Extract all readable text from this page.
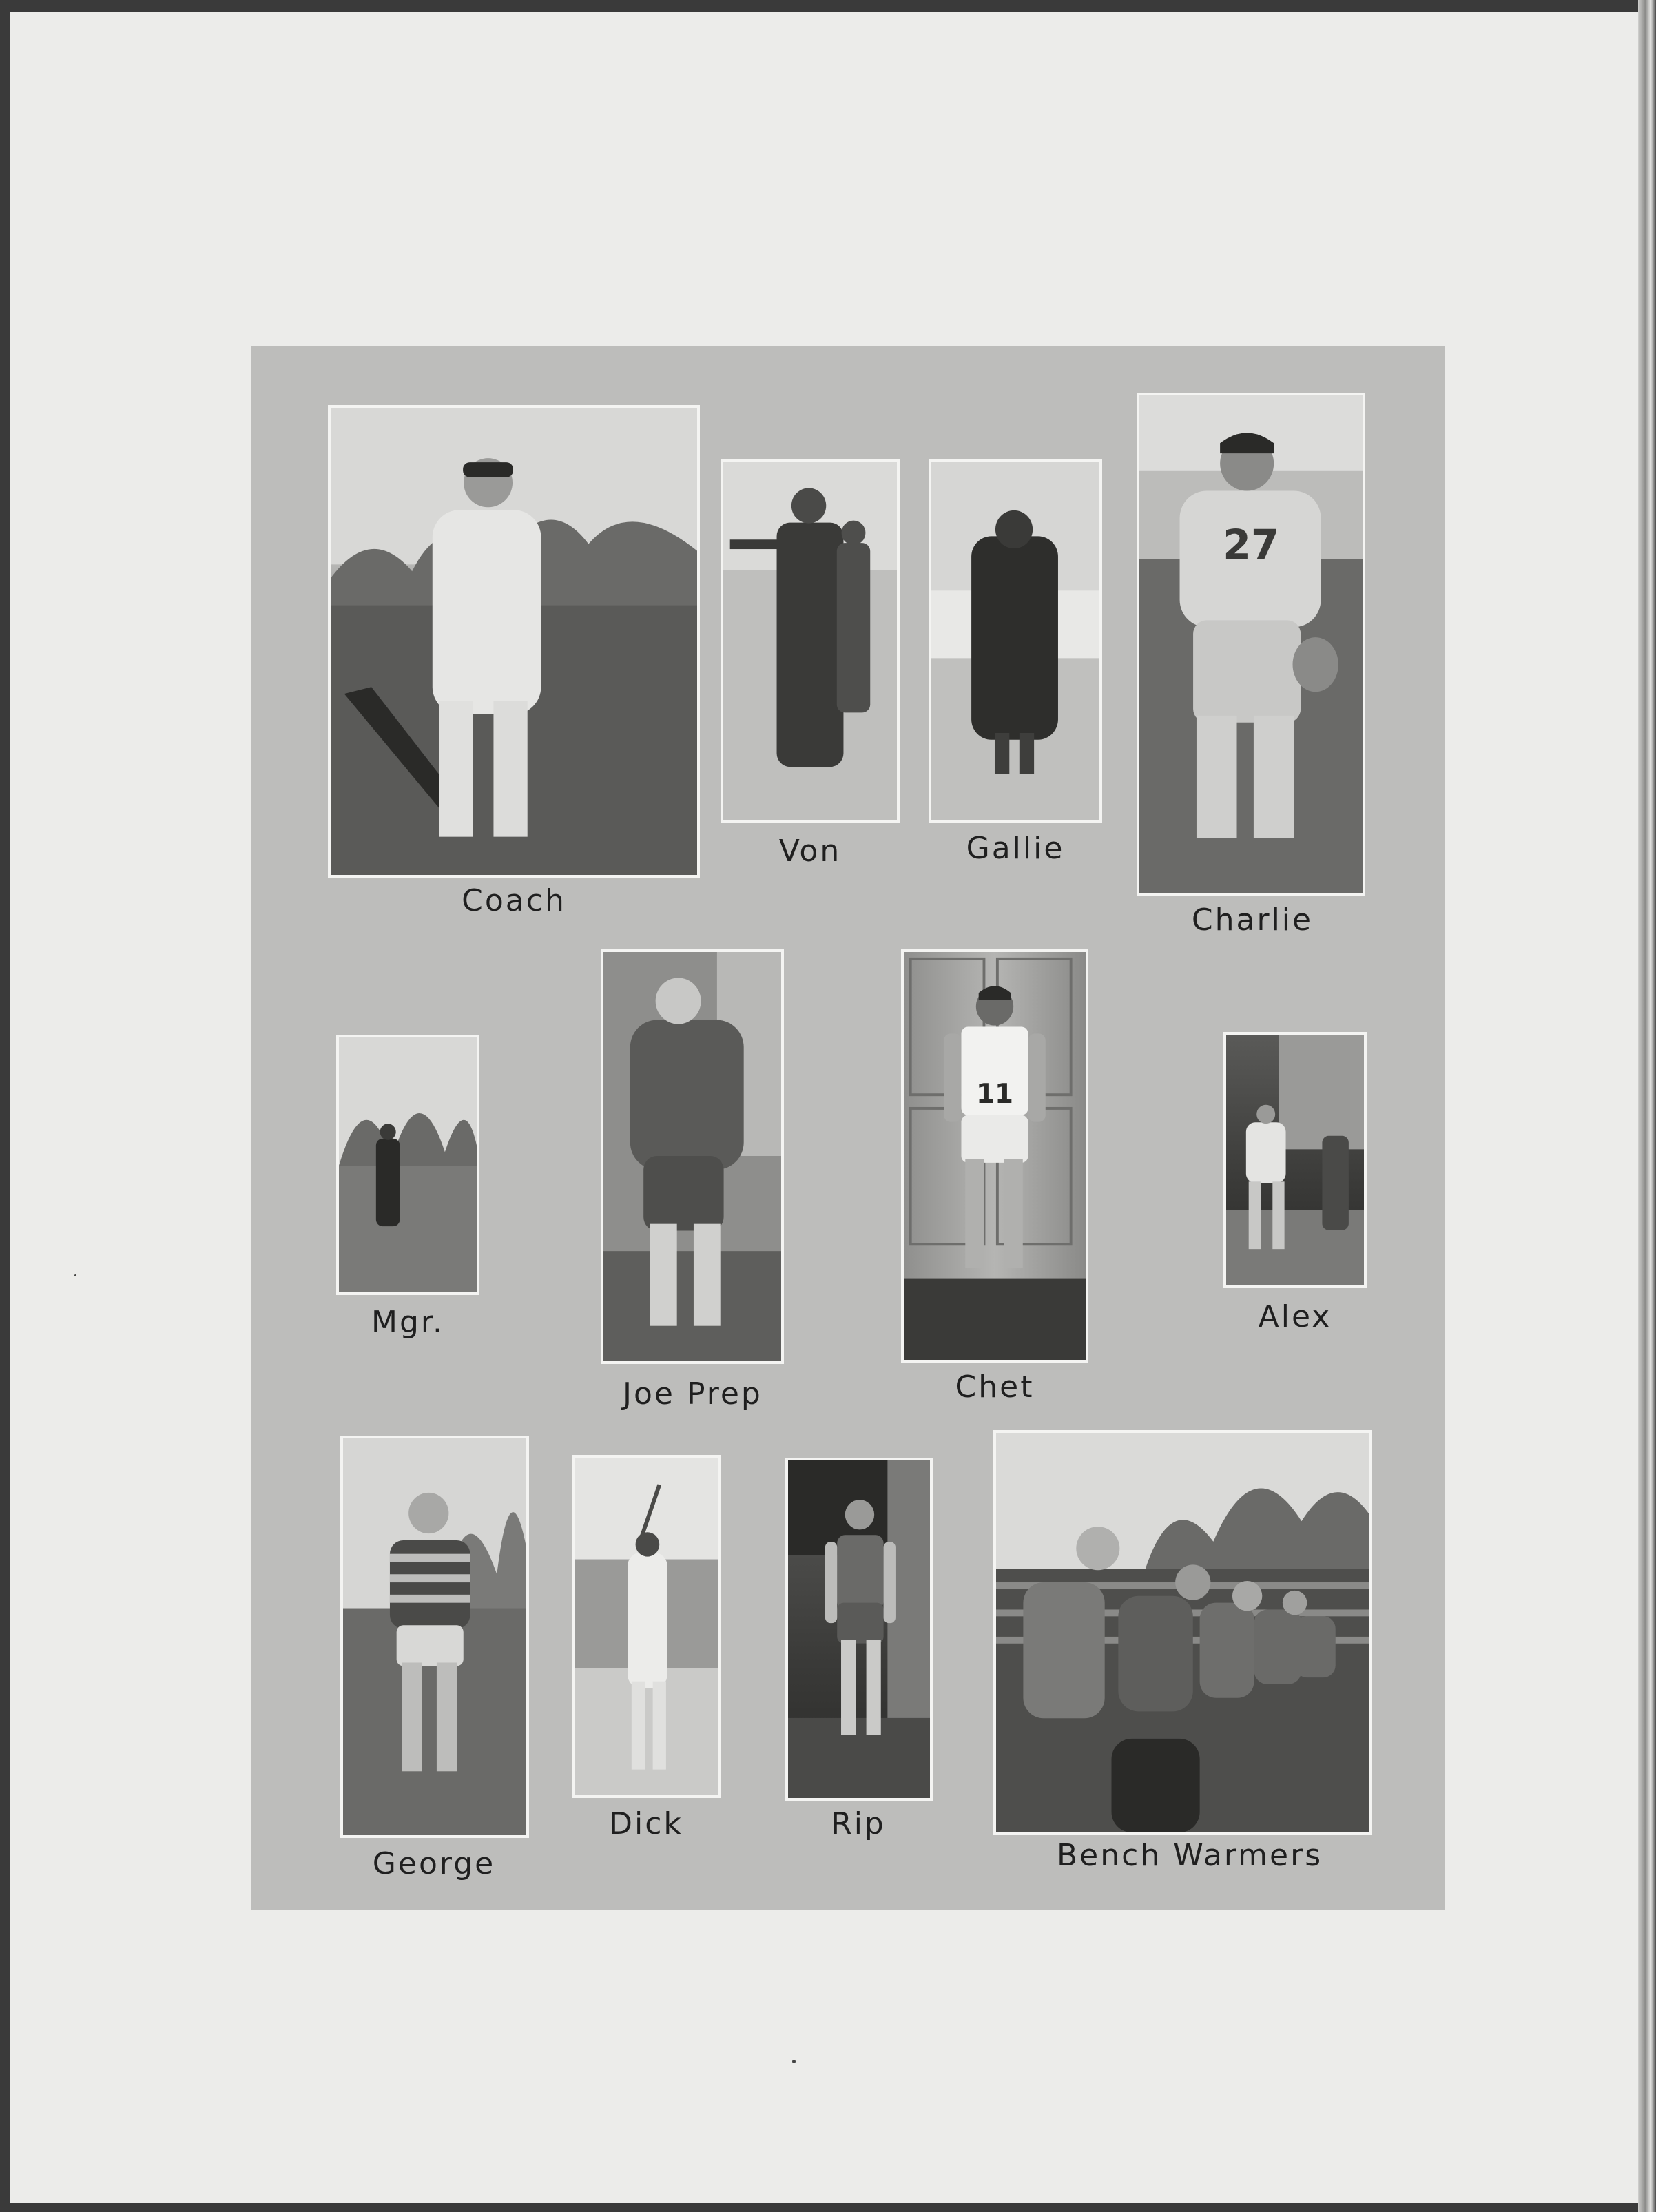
Coach
Von	Gallie
27
Charlie
Mgr.
Joe Prep
11
Chet
Alex
George
Dick	Rip
Bench Warmers
